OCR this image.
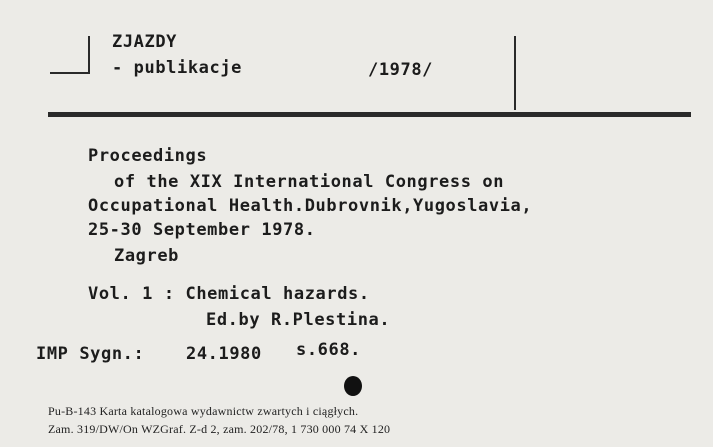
ZJAZDY
- publikacje	/1978/
Proceedings
of the XIX International Congress on
Occupational Health.Dubrovnik,Yugoslavia,
25-30 September 1978.
Zagreb
Vol. 1 : Chemical hazards.
Ed.by R.Plestina.
IMP Sygn.: 24.1980 s.668.
Pu-B-143 Karta katalogowa wydawnictw zwartych i ciągłych.
Zam. 319/DW/On WZGraf. Z-d 2, zam. 202/78, 1 730 000 74 X 120
